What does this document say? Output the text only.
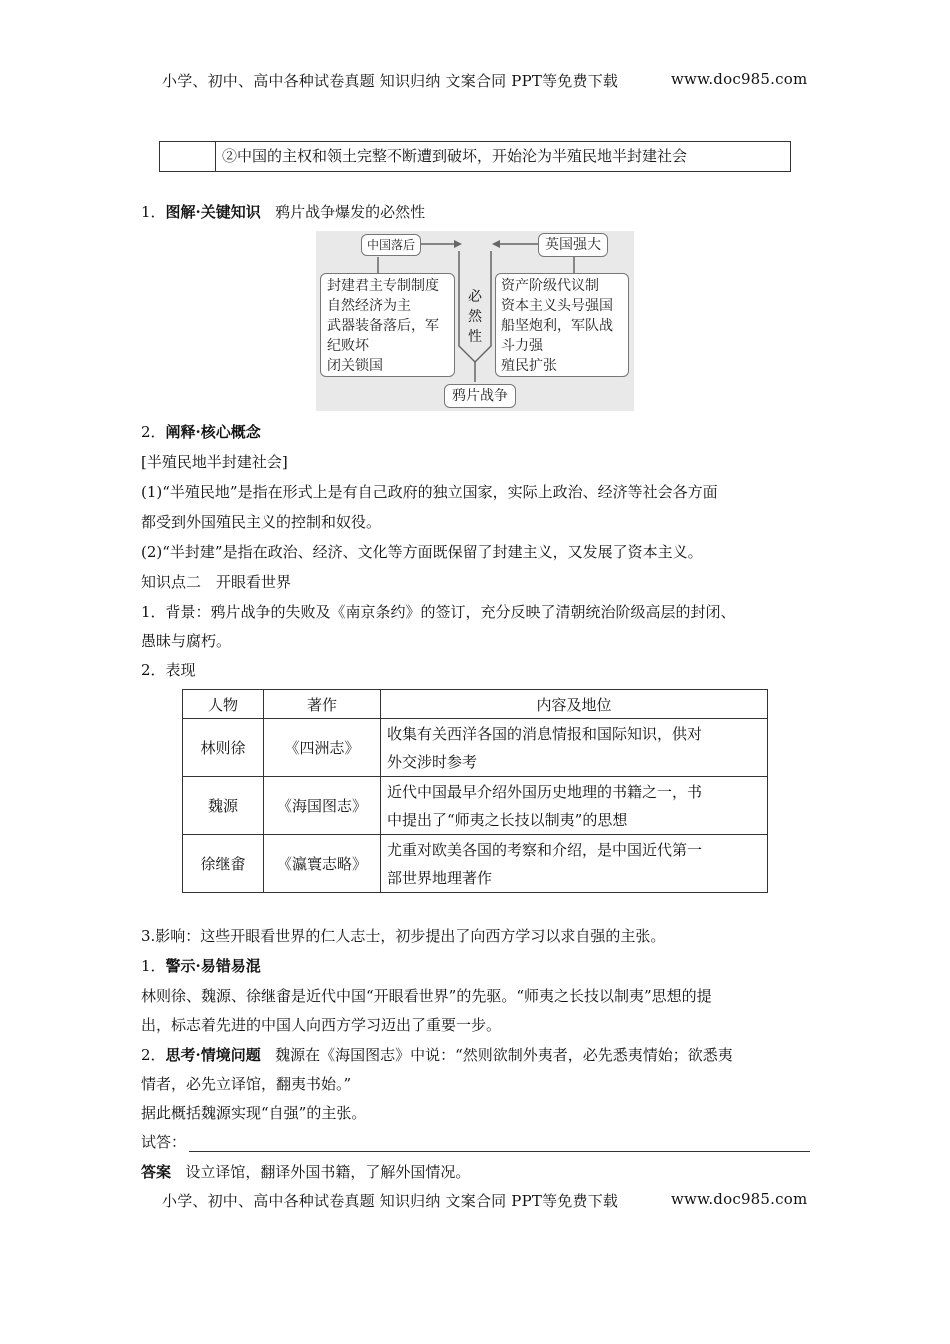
小学、初中、高中各种试卷真题 知识归纳 文案合同 PPT等免费下载	www.doc985.com
②中国的主权和领土完整不断遭到破坏，开始沦为半殖民地半封建社会
1．图解·关键知识 鸦片战争爆发的必然性
中国落后	英国强大
封建君主专制制度
自然经济为主
武器装备落后，军
纪败坏
闭关锁国
必
然
性
资产阶级代议制
资本主义头号强国
船坚炮利，军队战
斗力强
殖民扩张
鸦片战争
2．阐释·核心概念
[半殖民地半封建社会]
(1)“半殖民地”是指在形式上是有自己政府的独立国家，实际上政治、经济等社会各方面
都受到外国殖民主义的控制和奴役。
(2)“半封建”是指在政治、经济、文化等方面既保留了封建主义，又发展了资本主义。
知识点二　开眼看世界
1．背景：鸦片战争的失败及《南京条约》的签订，充分反映了清朝统治阶级高层的封闭、
愚昧与腐朽。
2．表现
人物	著作	内容及地位
林则徐	《四洲志》	收集有关西洋各国的消息情报和国际知识，供对
外交涉时参考

魏源	《海国图志》	近代中国最早介绍外国历史地理的书籍之一，书
中提出了“师夷之长技以制夷”的思想

徐继畬	《瀛寰志略》	尤重对欧美各国的考察和介绍，是中国近代第一
部世界地理著作
3.影响：这些开眼看世界的仁人志士，初步提出了向西方学习以求自强的主张。
1．警示·易错易混
林则徐、魏源、徐继畬是近代中国“开眼看世界”的先驱。“师夷之长技以制夷”思想的提
出，标志着先进的中国人向西方学习迈出了重要一步。
2．思考·情境问题 魏源在《海国图志》中说：“然则欲制外夷者，必先悉夷情始；欲悉夷
情者，必先立译馆，翻夷书始。”
据此概括魏源实现“自强”的主张。
试答：
答案 设立译馆，翻译外国书籍，了解外国情况。
小学、初中、高中各种试卷真题 知识归纳 文案合同 PPT等免费下载	www.doc985.com
